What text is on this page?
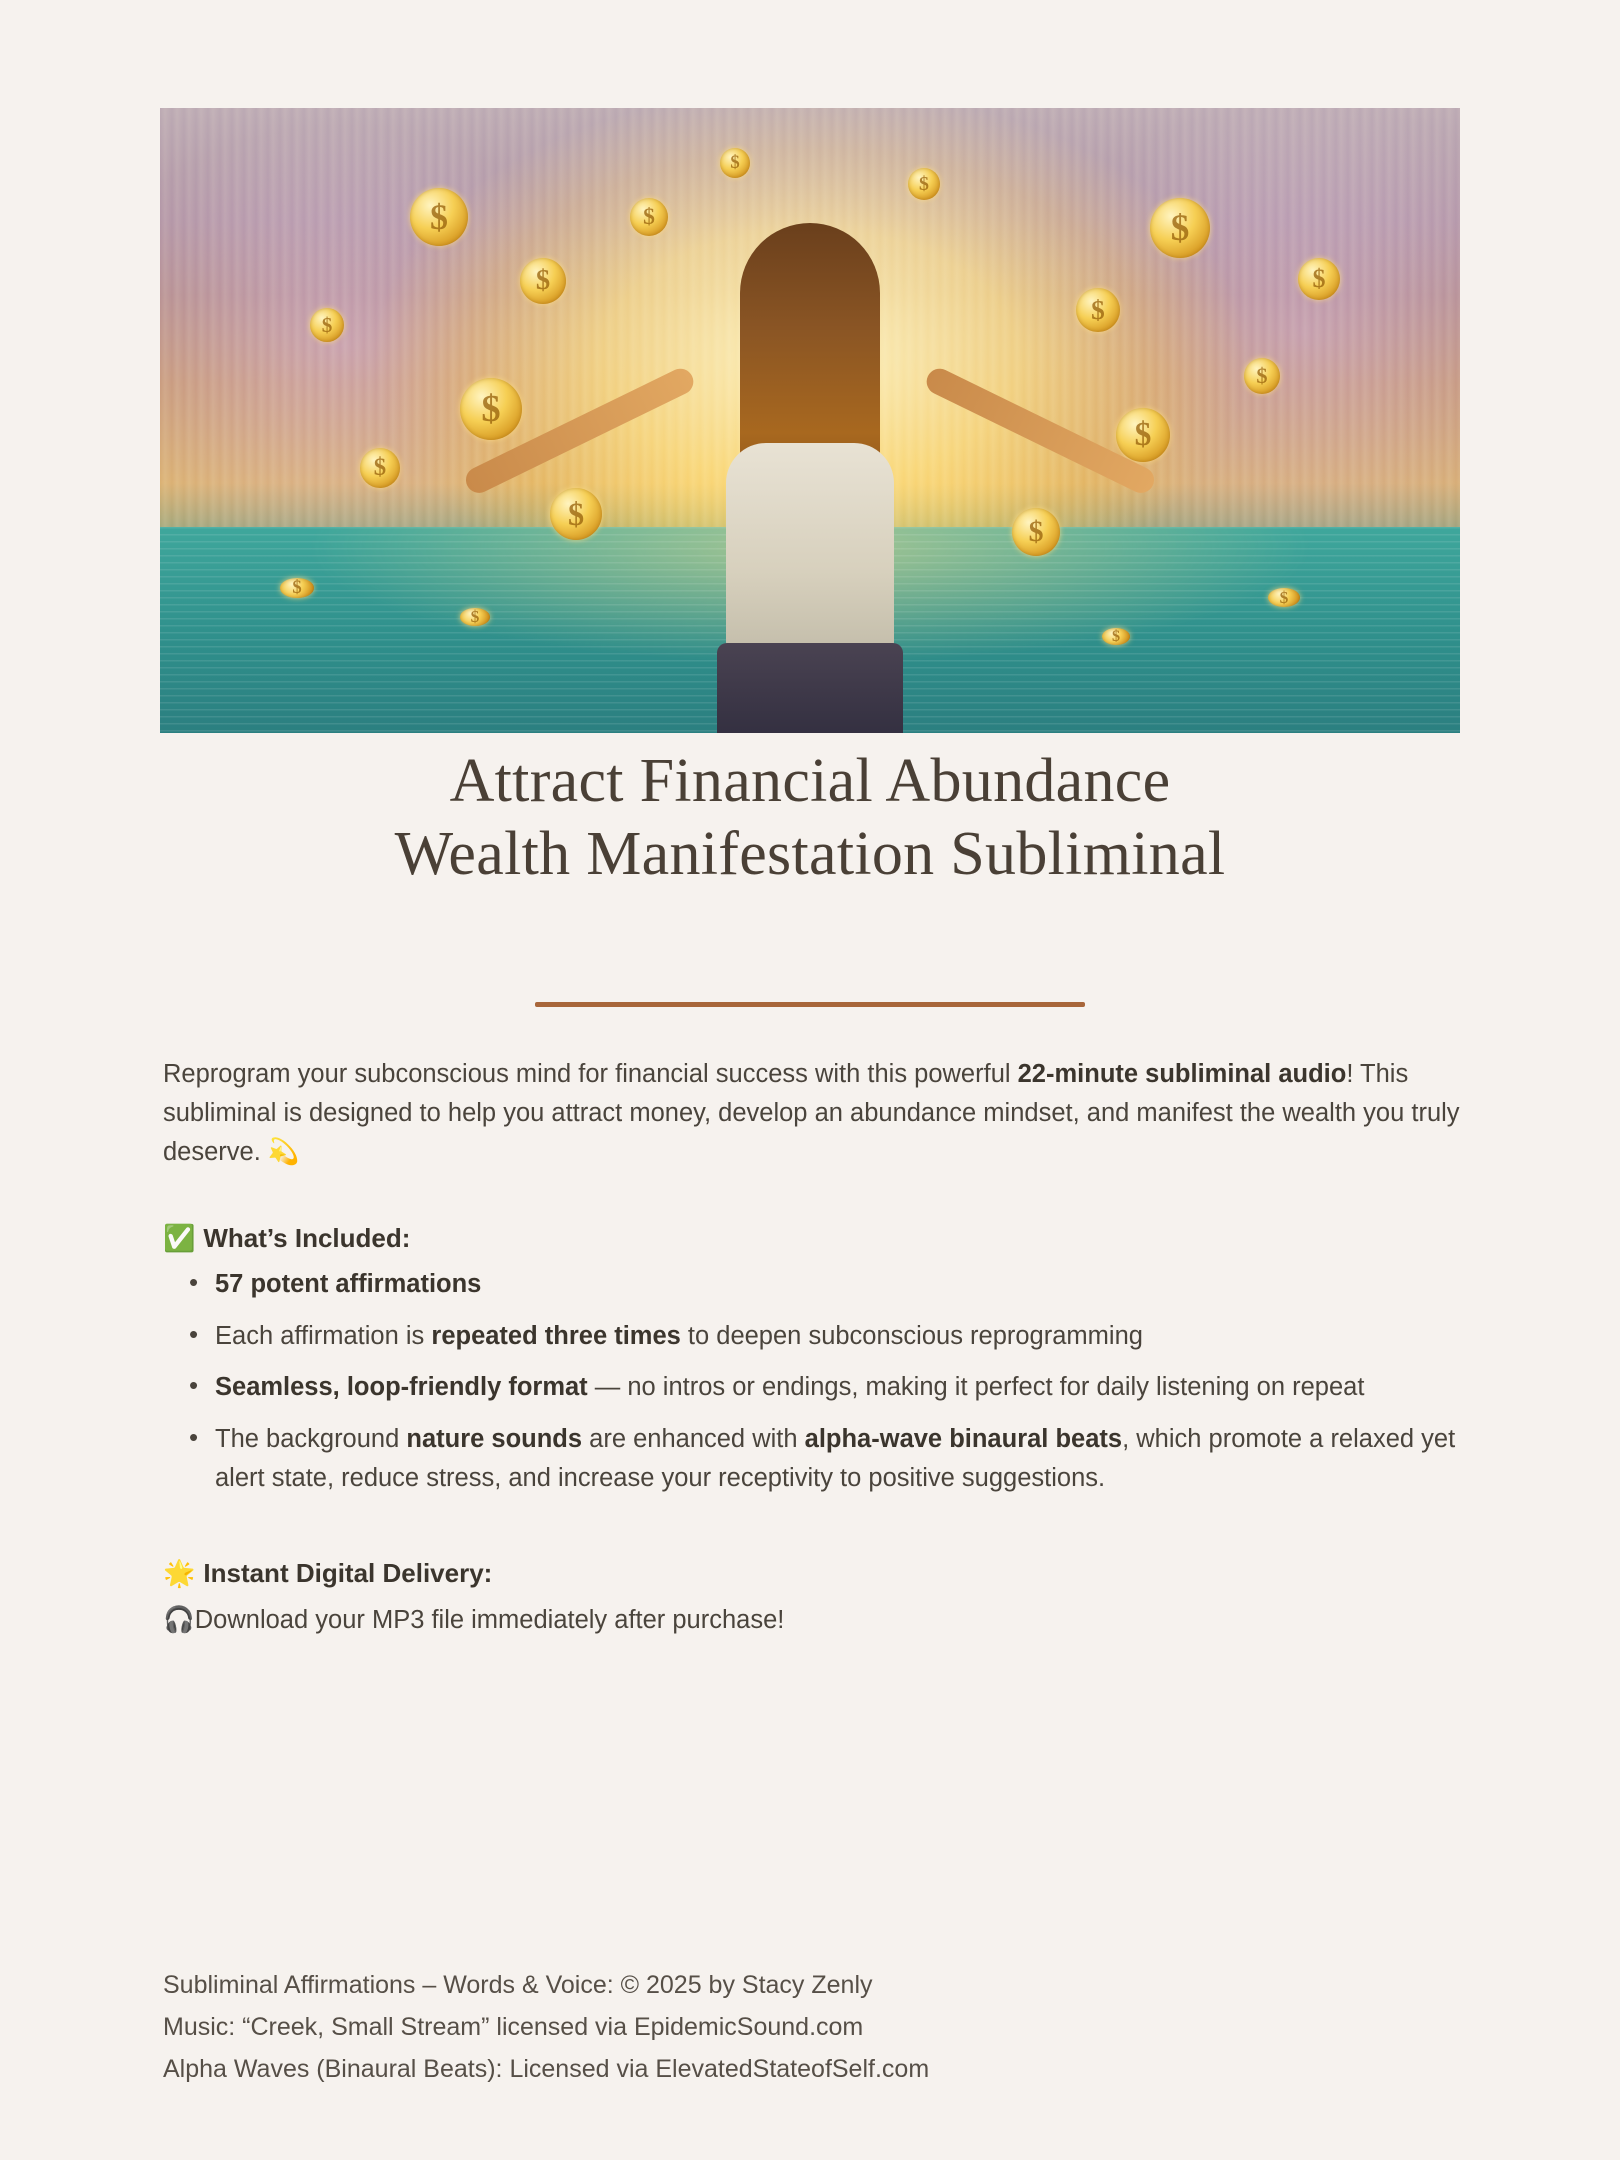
$
$
$
$
$
$
$
$
$
$
$
$
$
$
$
$
$
$
$
Attract Financial Abundance
Wealth Manifestation Subliminal

Reprogram your subconscious mind for financial success with this powerful 22-minute subliminal audio! This subliminal is designed to help you attract money, develop an abundance mindset, and manifest the wealth you truly deserve. 💫

✅ What’s Included:
• 57 potent affirmations
• Each affirmation is repeated three times to deepen subconscious reprogramming
• Seamless, loop-friendly format — no intros or endings, making it perfect for daily listening on repeat
• The background nature sounds are enhanced with alpha-wave binaural beats, which promote a relaxed yet alert state, reduce stress, and increase your receptivity to positive suggestions.
🌟 Instant Digital Delivery:
🎧Download your MP3 file immediately after purchase!
Subliminal Affirmations – Words & Voice: © 2025 by Stacy Zenly
Music: “Creek, Small Stream” licensed via EpidemicSound.com
Alpha Waves (Binaural Beats): Licensed via ElevatedStateofSelf.com
